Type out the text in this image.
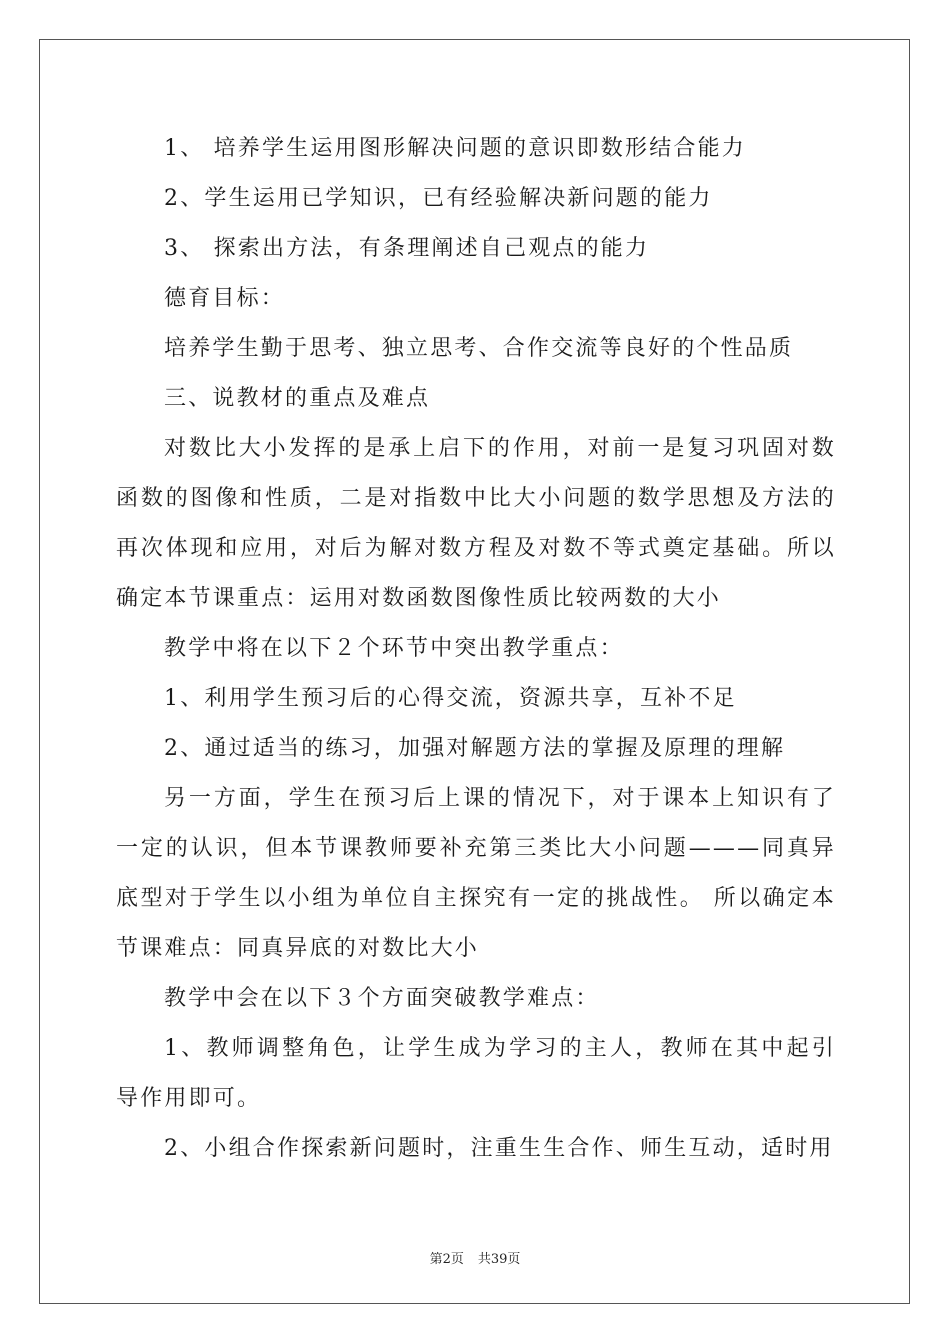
1、 培养学生运用图形解决问题的意识即数形结合能力

2、学生运用已学知识，已有经验解决新问题的能力

3、 探索出方法，有条理阐述自己观点的能力

德育目标：

培养学生勤于思考、独立思考、合作交流等良好的个性品质

三、说教材的重点及难点

对数比大小发挥的是承上启下的作用，对前一是复习巩固对数函数的图像和性质，二是对指数中比大小问题的数学思想及方法的再次体现和应用，对后为解对数方程及对数不等式奠定基础。所以确定本节课重点：运用对数函数图像性质比较两数的大小

教学中将在以下２个环节中突出教学重点：

1、利用学生预习后的心得交流，资源共享，互补不足

2、通过适当的练习，加强对解题方法的掌握及原理的理解

另一方面，学生在预习后上课的情况下，对于课本上知识有了一定的认识，但本节课教师要补充第三类比大小问题———同真异底型对于学生以小组为单位自主探究有一定的挑战性。 所以确定本节课难点：同真异底的对数比大小

教学中会在以下３个方面突破教学难点：

1、教师调整角色，让学生成为学习的主人，教师在其中起引 导作用即可。

2、小组合作探索新问题时，注重生生合作、师生互动，适时用

第2页 共39页
